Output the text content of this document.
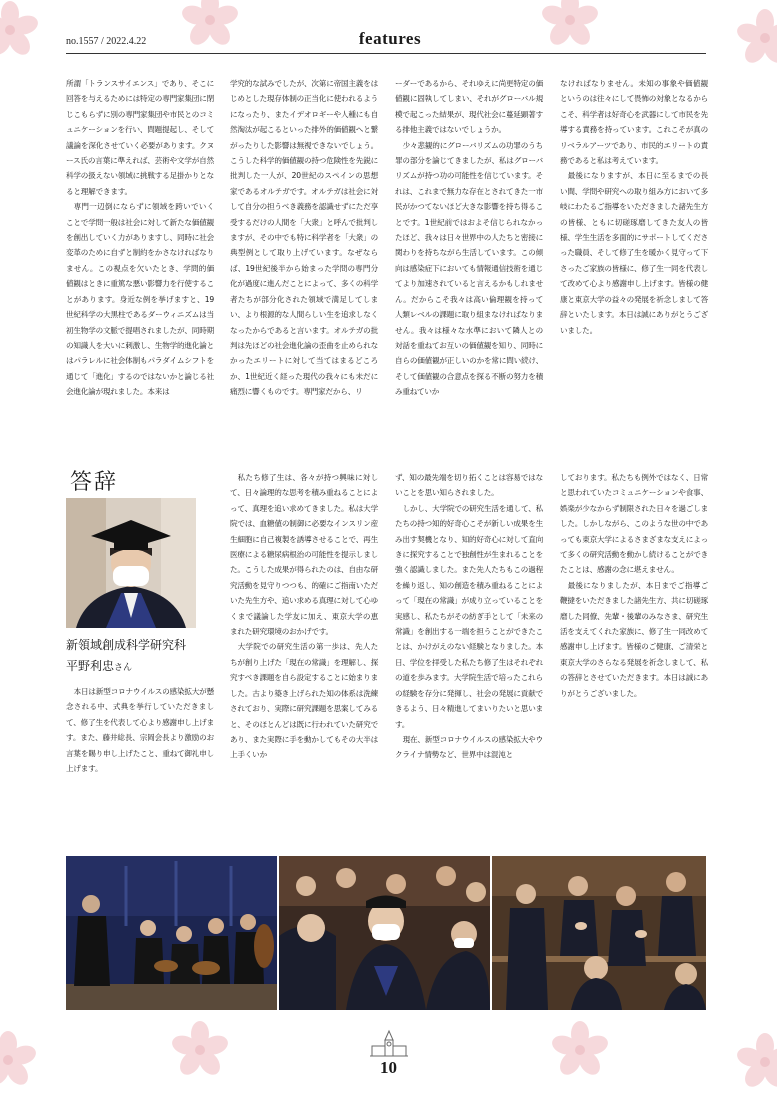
no.1557 / 2022.4.22	features

所謂「トランスサイエンス」であり、そこに回答を与えるためには特定の専門家集団に閉じこもらずに別の専門家集団や市民とのコミュニケーションを行い、問題提起し、そして議論を深化させていく必要があります。クヌース氏の言葉に準えれば、芸術や文学が自然科学の扱えない領域に挑戦する足掛かりとなると理解できます。

専門一辺倒にならずに領域を跨いでいくことで学問一般は社会に対して新たな価値観を創出していく力がありますし、同時に社会変革のために自ずと制約をかさなければなりません。この視点を欠いたとき、学問的価値観はときに重篤な悪い影響力を行使することがあります。身近な例を挙げますと、19世紀科学の大黒柱であるダーウィニズムは当初生物学の文脈で提唱されましたが、同時期の知識人を大いに刺激し、生物学的進化論とはパラレルに社会体制もパラダイムシフトを通じて「進化」するのではないかと論じる社会進化論が現れました。本来は

学究的な試みでしたが、次第に帝国主義をはじめとした現存体制の正当化に使われるようになったり、またイデオロギーや人種にも自然淘汰が起こるといった排外的価値観へと繋がったりした影響は無視できないでしょう。こうした科学的価値観の持つ危険性を先鋭に批判した一人が、20世紀のスペインの思想家であるオルテガです。オルテガは社会に対して自分の担うべき義務を認識せずにただ享受するだけの人間を「大衆」と呼んで批判しますが、その中でも特に科学者を「大衆」の典型例として取り上げています。なぜならば、19世紀後半から始まった学問の専門分化が過度に進んだことによって、多くの科学者たちが部分化された領域で満足してしまい、より根源的な人間らしい生を追求しなくなったからであると言います。オルテガの批判は先ほどの社会進化論の歪曲を止められなかったエリートに対して当てはまるどころか、1世紀近く経った現代の我々にも未だに痛烈に響くものです。専門家だから、リ

ーダーであるから、それゆえに尚更特定の価値観に固執してしまい、それがグローバル規模で起こった結果が、現代社会に蔓延顕著する排他主義ではないでしょうか。

少々悲観的にグローバリズムの功罪のうち罪の部分を論じてきましたが、私はグローバリズムが持つ功の可能性を信じています。それは、これまで無力な存在とされてきた一市民がかつてないほど大きな影響を持ち得ることです。1世紀前ではおよそ信じられなかったほど、我々は日々世界中の人たちと密接に関わりを持ちながら生活しています。この傾向は感染症下においても情報通信技術を通じてより加速されていると言えるかもしれません。だからこそ我々は高い倫理観を持って人類レベルの課題に取り組まなければなりません。我々は様々な水準において隣人との対話を重ねてお互いの価値観を知り、同時に自らの価値観が正しいのかを常に問い続け、そして価値観の合意点を探る不断の努力を積み重ねていか

なければなりません。未知の事象や価値観というのは往々にして畏怖の対象となるからこそ、科学者は好奇心を武器にして市民を先導する責務を持っています。これこそが真のリベラルアーツであり、市民的エリートの責務であると私は考えています。

最後になりますが、本日に至るまでの長い間、学問や研究への取り組み方において多岐にわたるご指導をいただきました諸先生方の皆様、ともに切磋琢磨してきた友人の皆様、学生生活を多面的にサポートしてくださった職員、そして修了生を暖かく見守って下さったご家族の皆様に、修了生一同を代表して改めて心より感謝申し上げます。皆様の健康と東京大学の益々の発展を祈念しまして答辞といたします。本日は誠にありがとうございました。

答辞
新領域創成科学研究科
平野利忠さん

本日は新型コロナウイルスの感染拡大が懸念される中、式典を挙行していただきまして、修了生を代表して心より感謝申し上げます。また、藤井総長、宗岡会長より激励のお言葉を賜り申し上げたこと、重ねて御礼申し上げます。

私たち修了生は、各々が持つ興味に対して、日々論理的な思考を積み重ねることによって、真理を追い求めてきました。私は大学院では、血糖値の制御に必要なインスリン産生細胞に自己複製を誘導させることで、再生医療による糖尿病根治の可能性を提示しました。こうした成果が得られたのは、自由な研究活動を見守りつつも、的確にご指南いただいた先生方や、追い求める真理に対して心ゆくまで議論した学友に加え、東京大学の恵まれた研究環境のおかげです。

大学院での研究生活の第一歩は、先人たちが創り上げた「現在の常識」を理解し、探究すべき課題を自ら設定することに始まりました。古より築き上げられた知の体系は洗練されており、実際に研究課題を思案してみると、そのほとんどは既に行われていた研究であり、また実際に手を動かしてもその大半は上手くいか

ず、知の最先端を切り拓くことは容易ではないことを思い知らされました。

しかし、大学院での研究生活を通して、私たちの持つ知的好奇心こそが新しい成果を生み出す契機となり、知的好奇心に対して直向きに探究することで独創性が生まれることを強く認識しました。また先人たちもこの過程を繰り返し、知の創造を積み重ねることによって「現在の常識」が成り立っていることを実感し、私たちがその紡ぎ手として「未来の常識」を創出する一端を担うことができたことは、かけがえのない経験となりました。本日、学位を拝受した私たち修了生はそれぞれの道を歩みます。大学院生活で培ったこれらの経験を存分に発揮し、社会の発展に貢献できるよう、日々精進してまいりたいと思います。

現在、新型コロナウイルスの感染拡大やウクライナ情勢など、世界中は混沌と

しております。私たちも例外ではなく、日常と思われていたコミュニケーションや食事、娯楽が少なからず制限された日々を過ごしました。しかしながら、このような世の中であっても東京大学によるさまざまな支えによって多くの研究活動を動かし続けることができたことは、感謝の念に堪えません。

最後になりましたが、本日までご指導ご鞭撻をいただきました諸先生方、共に切磋琢磨した同僚、先輩・後輩のみなさま、研究生活を支えてくれた家族に、修了生一同改めて感謝申し上げます。皆様のご健康、ご清栄と東京大学のさらなる発展を祈念しまして、私の答辞とさせていただきます。本日は誠にありがとうございました。

10
